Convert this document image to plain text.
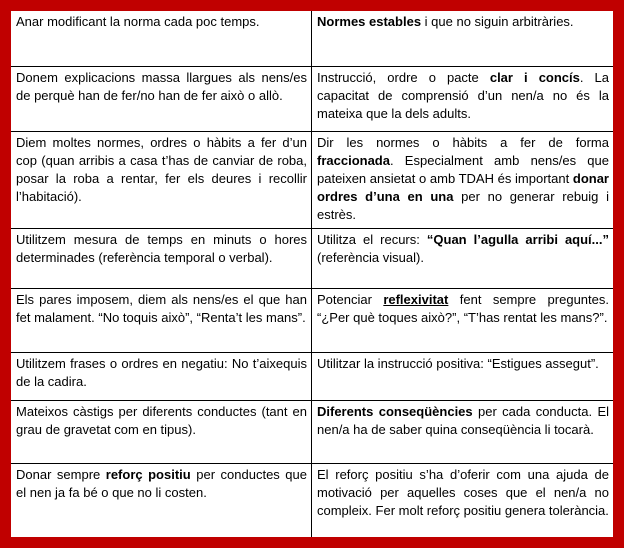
Anar modificant la norma cada poc temps.	Normes estables i que no siguin arbitràries.
Donem explicacions massa llargues als nens/es de perquè han de fer/no han de fer això o allò.
Instrucció, ordre o pacte clar i concís. La capacitat de comprensió d’un nen/a no és la mateixa que la dels adults.
Diem moltes normes, ordres o hàbits a fer d’un cop (quan arribis a casa t’has de canviar de roba, posar la roba a rentar, fer els deures i recollir l’habitació).
Dir les normes o hàbits a fer de forma fraccionada. Especialment amb nens/es que pateixen ansietat o amb TDAH és important donar ordres d’una en una per no generar rebuig i estrès.
Utilitzem mesura de temps en minuts o hores determinades (referència temporal o verbal).
Utilitza el recurs: “Quan l’agulla arribi aquí...” (referència visual).
Els pares imposem, diem als nens/es el que han fet malament. “No toquis això”, “Renta’t les mans”.
Potenciar reflexivitat fent sempre preguntes. “¿Per què toques això?”, “T’has rentat les mans?”.
Utilitzem frases o ordres en negatiu: No t’aixequis de la cadira.
Utilitzar la instrucció positiva: “Estigues assegut”.
Mateixos càstigs per diferents conductes (tant en grau de gravetat com en tipus).
Diferents conseqüències per cada conducta. El nen/a ha de saber quina conseqüència li tocarà.
Donar sempre reforç positiu per conductes que el nen ja fa bé o que no li costen.
El reforç positiu s’ha d’oferir com una ajuda de motivació per aquelles coses que el nen/a no compleix. Fer molt reforç positiu genera tolerància.
